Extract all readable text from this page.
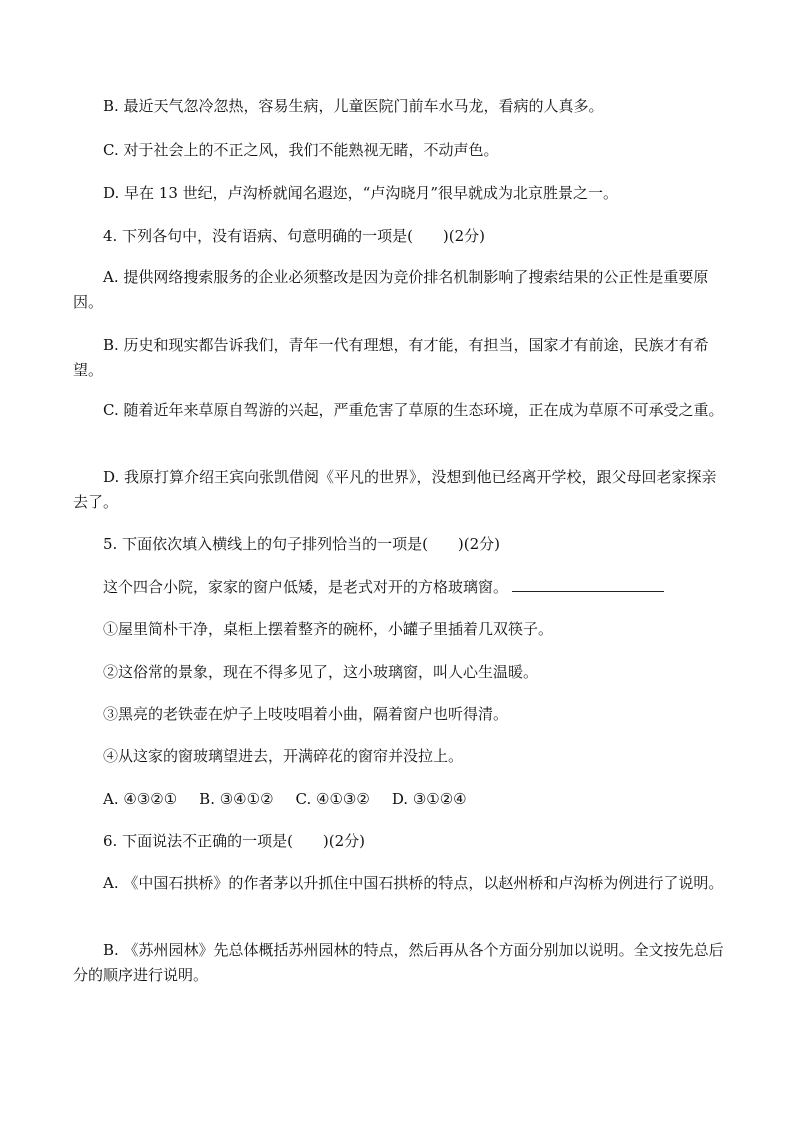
B. 最近天气忽冷忽热，容易生病，儿童医院门前车水马龙，看病的人真多。

C. 对于社会上的不正之风，我们不能熟视无睹，不动声色。

D. 早在 13 世纪，卢沟桥就闻名遐迩，“卢沟晓月”很早就成为北京胜景之一。

4. 下列各句中，没有语病、句意明确的一项是(　　)(2分)

A. 提供网络搜索服务的企业必须整改是因为竞价排名机制影响了搜索结果的公正性是重要原因。

B. 历史和现实都告诉我们，青年一代有理想，有才能，有担当，国家才有前途，民族才有希望。

C. 随着近年来草原自驾游的兴起，严重危害了草原的生态环境，正在成为草原不可承受之重。

D. 我原打算介绍王宾向张凯借阅《平凡的世界》，没想到他已经离开学校，跟父母回老家探亲去了。

5. 下面依次填入横线上的句子排列恰当的一项是(　　)(2分)

这个四合小院，家家的窗户低矮，是老式对开的方格玻璃窗。

①屋里简朴干净，桌柜上摆着整齐的碗杯，小罐子里插着几双筷子。

②这俗常的景象，现在不得多见了，这小玻璃窗，叫人心生温暖。

③黑亮的老铁壶在炉子上吱吱唱着小曲，隔着窗户也听得清。

④从这家的窗玻璃望进去，开满碎花的窗帘并没拉上。

A. ④③②① B. ③④①② C. ④①③② D. ③①②④

6. 下面说法不正确的一项是(　　)(2分)

A. 《中国石拱桥》的作者茅以升抓住中国石拱桥的特点，以赵州桥和卢沟桥为例进行了说明。

B. 《苏州园林》先总体概括苏州园林的特点，然后再从各个方面分别加以说明。全文按先总后分的顺序进行说明。
